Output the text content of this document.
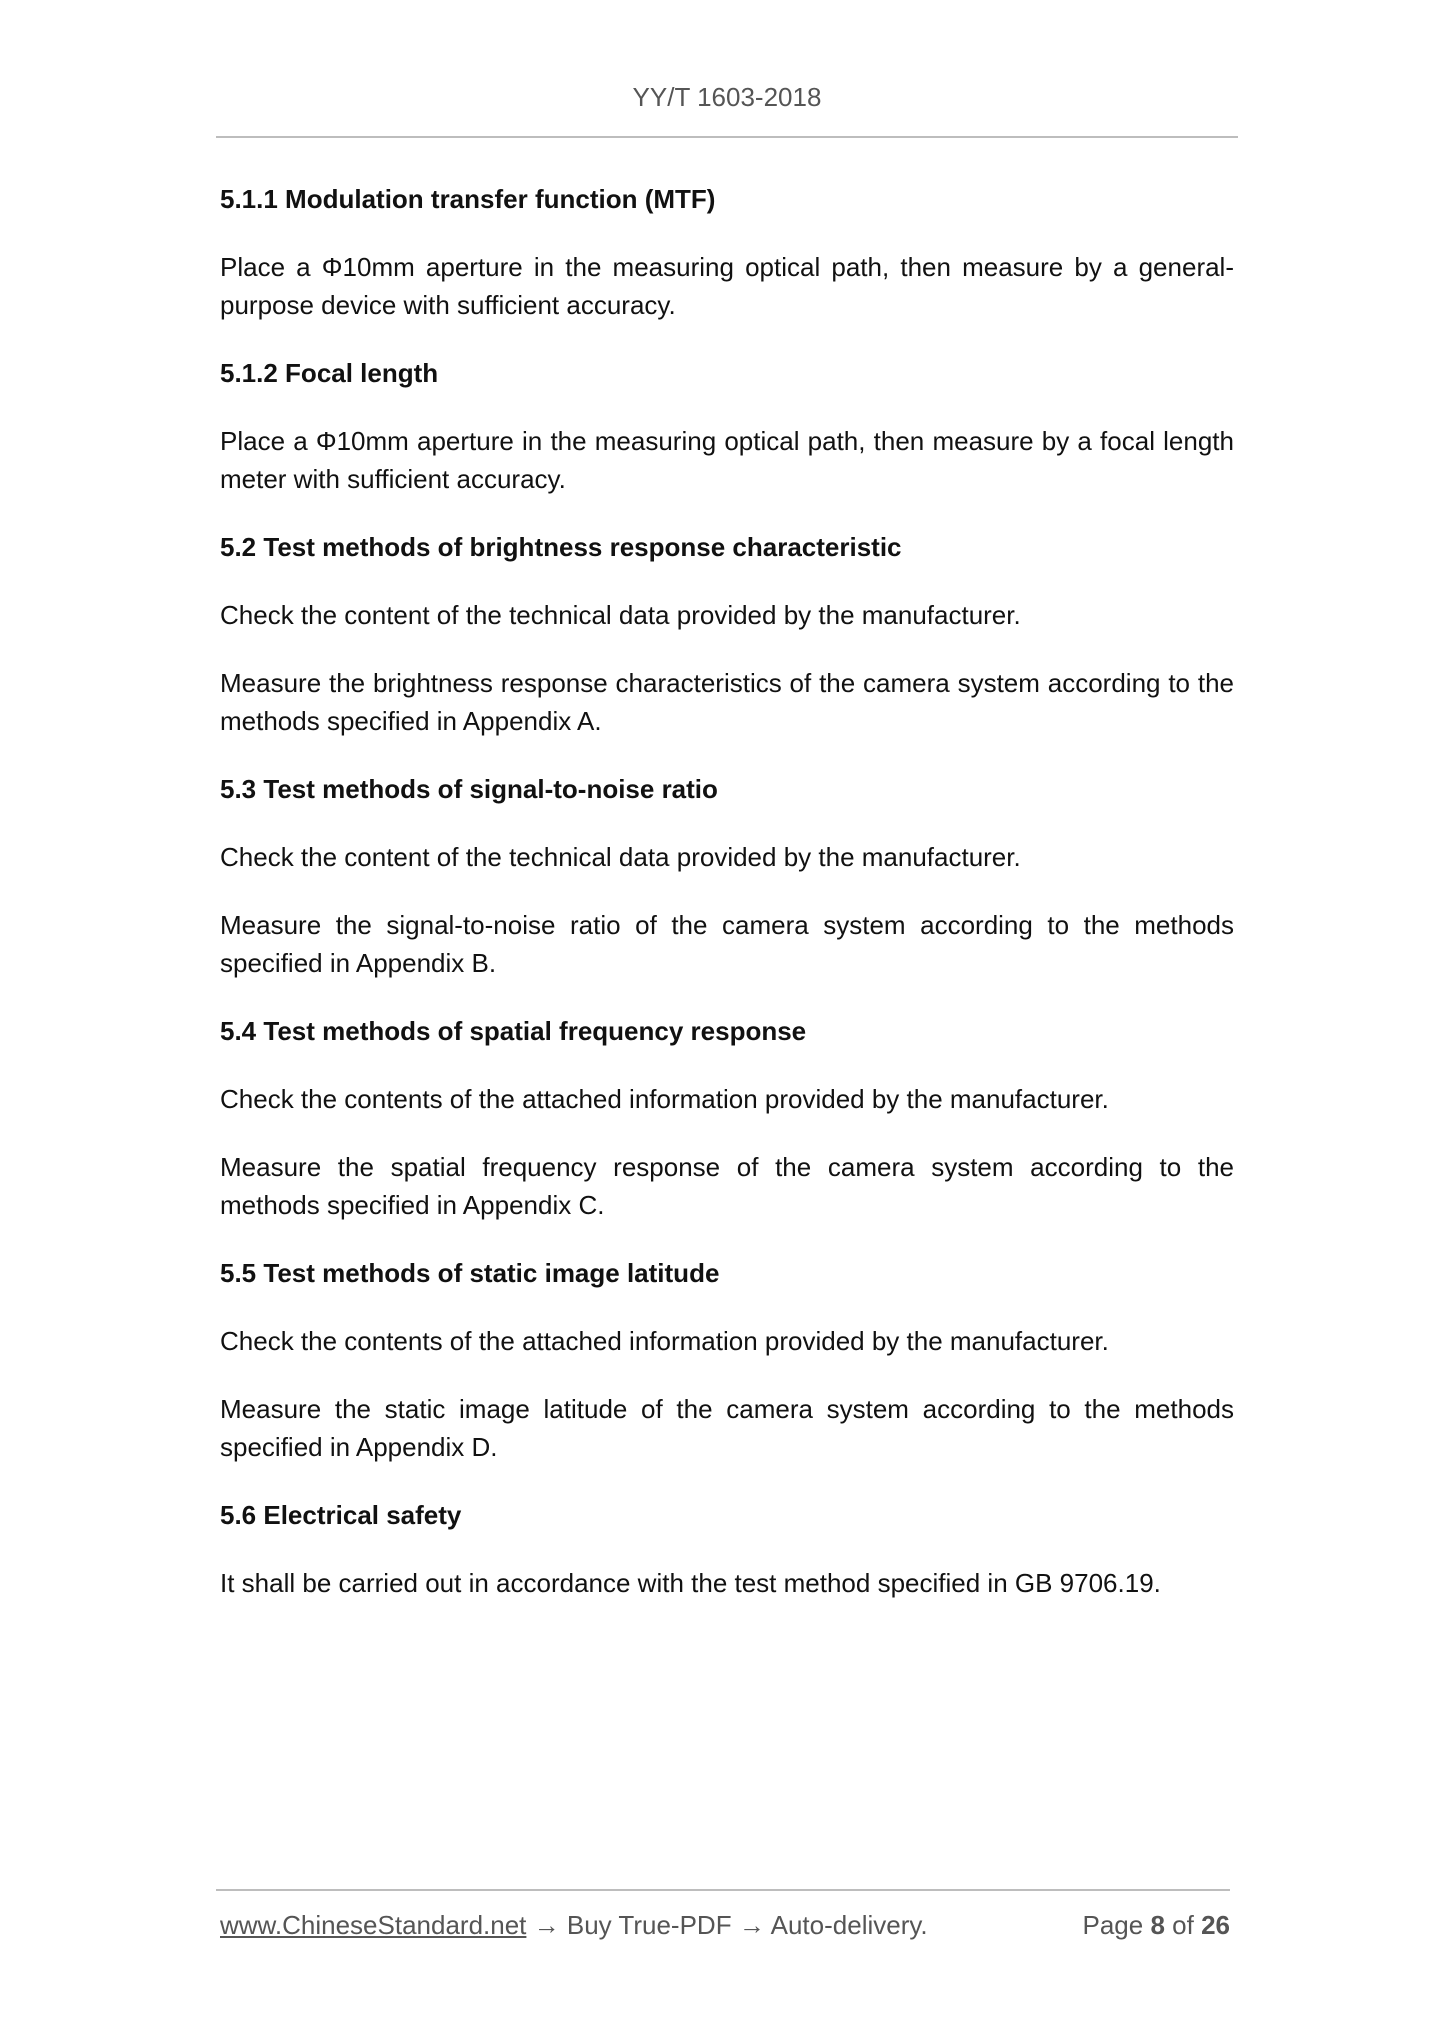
YY/T 1603-2018
5.1.1 Modulation transfer function (MTF)
Place a Φ10mm aperture in the measuring optical path, then measure by a general-purpose device with sufficient accuracy.
5.1.2 Focal length
Place a Φ10mm aperture in the measuring optical path, then measure by a focal length meter with sufficient accuracy.
5.2 Test methods of brightness response characteristic
Check the content of the technical data provided by the manufacturer.
Measure the brightness response characteristics of the camera system according to the methods specified in Appendix A.
5.3 Test methods of signal-to-noise ratio
Check the content of the technical data provided by the manufacturer.
Measure the signal-to-noise ratio of the camera system according to the methods specified in Appendix B.
5.4 Test methods of spatial frequency response
Check the contents of the attached information provided by the manufacturer.
Measure the spatial frequency response of the camera system according to the methods specified in Appendix C.
5.5 Test methods of static image latitude
Check the contents of the attached information provided by the manufacturer.
Measure the static image latitude of the camera system according to the methods specified in Appendix D.
5.6 Electrical safety
It shall be carried out in accordance with the test method specified in GB 9706.19.
www.ChineseStandard.net → Buy True-PDF → Auto-delivery.	Page 8 of 26
